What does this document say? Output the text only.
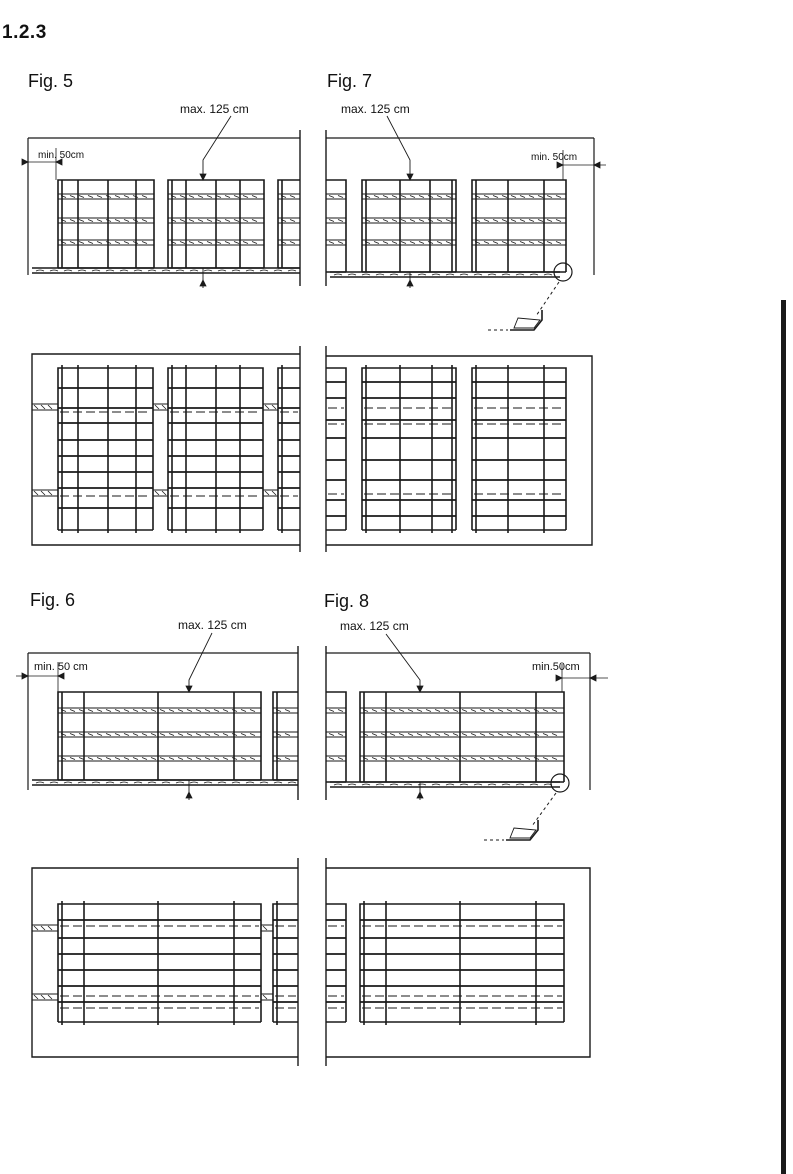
1.2.3
Fig. 5	Fig. 7
Fig. 6	Fig. 8
max. 125 cm	max. 125 cm
max. 125 cm	max. 125 cm
min. 50cm	min. 50cm
min. 50 cm	min.50cm
